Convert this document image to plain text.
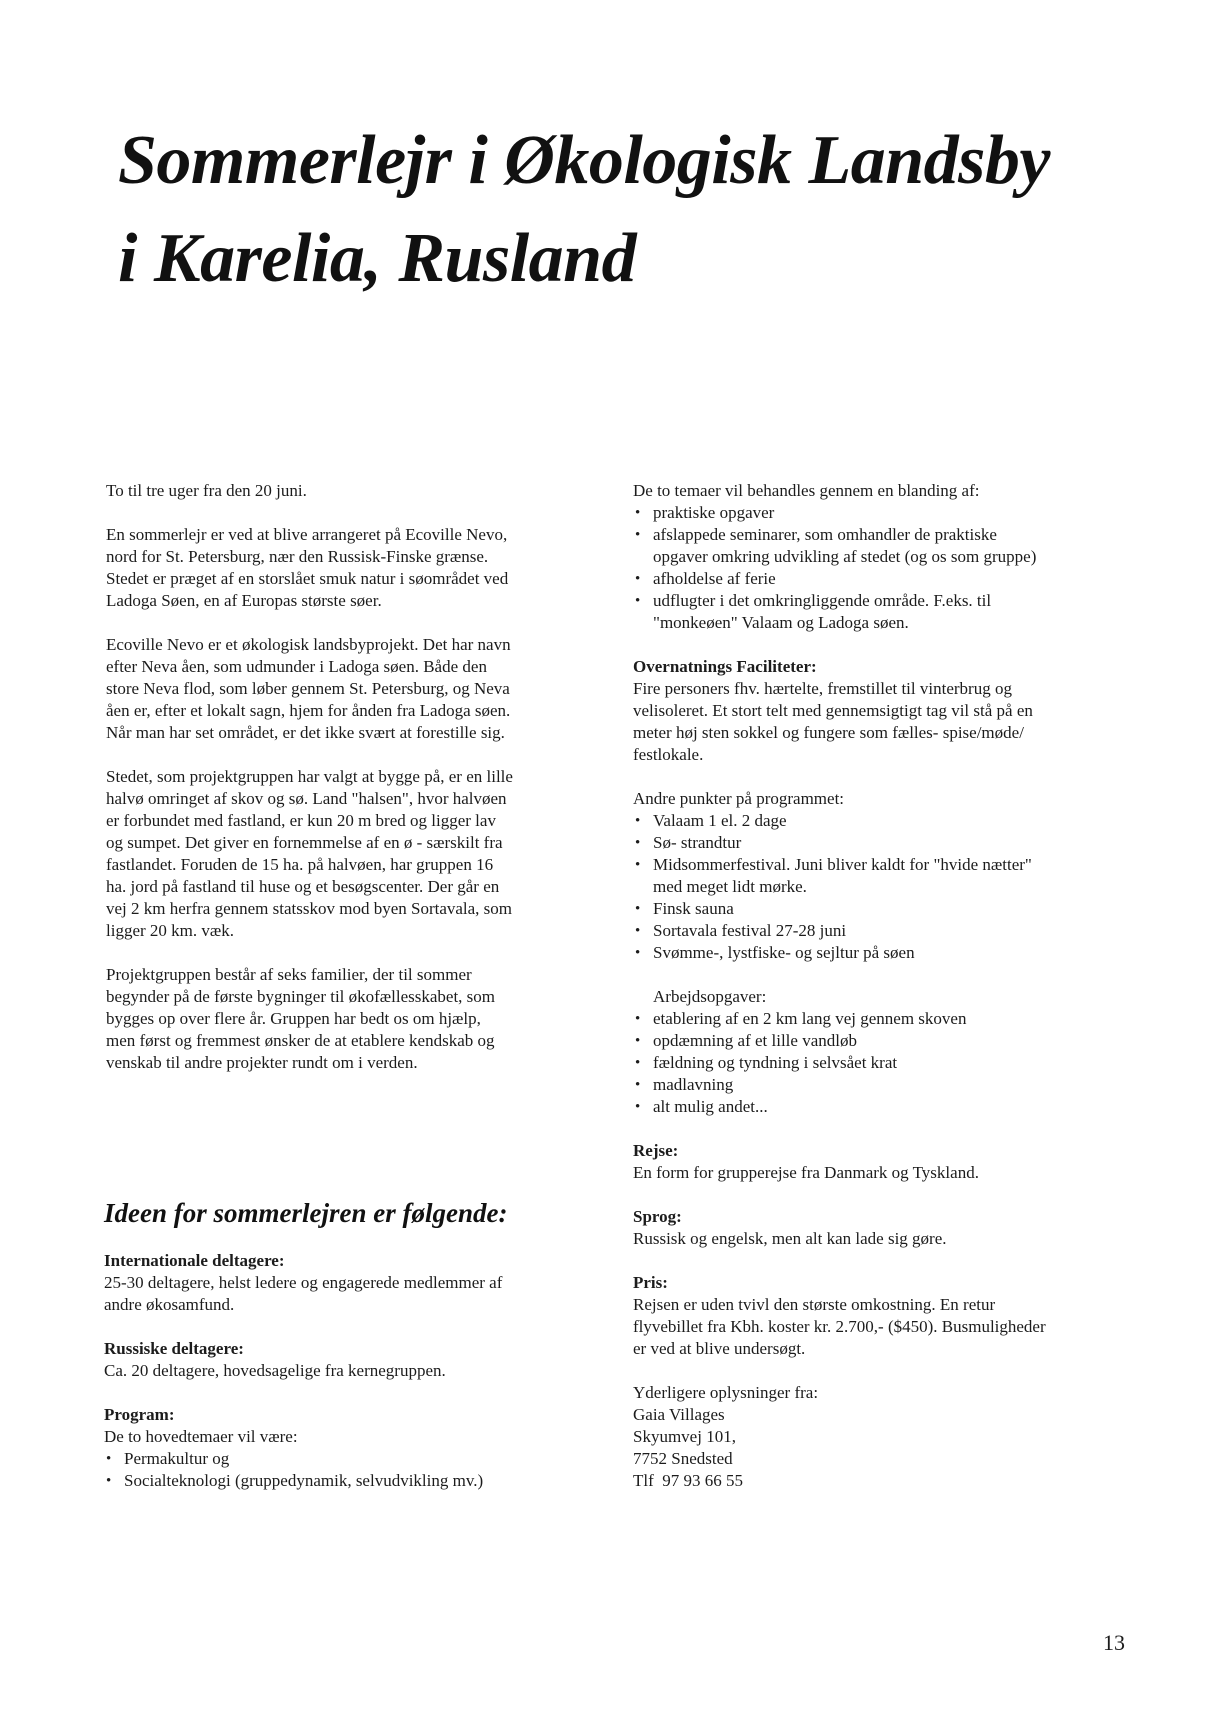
Sommerlejr i Økologisk Landsby
i Karelia, Rusland

To til tre uger fra den 20 juni.

En sommerlejr er ved at blive arrangeret på Ecoville Nevo,
nord for St. Petersburg, nær den Russisk-Finske grænse.
Stedet er præget af en storslået smuk natur i søområdet ved
Ladoga Søen, en af Europas største søer.

Ecoville Nevo er et økologisk landsbyprojekt. Det har navn
efter Neva åen, som udmunder i Ladoga søen. Både den
store Neva flod, som løber gennem St. Petersburg, og Neva
åen er, efter et lokalt sagn, hjem for ånden fra Ladoga søen.
Når man har set området, er det ikke svært at forestille sig.

Stedet, som projektgruppen har valgt at bygge på, er en lille
halvø omringet af skov og sø. Land "halsen", hvor halvøen
er forbundet med fastland, er kun 20 m bred og ligger lav
og sumpet. Det giver en fornemmelse af en ø - særskilt fra
fastlandet. Foruden de 15 ha. på halvøen, har gruppen 16
ha. jord på fastland til huse og et besøgscenter. Der går en
vej 2 km herfra gennem statsskov mod byen Sortavala, som
ligger 20 km. væk.

Projektgruppen består af seks familier, der til sommer
begynder på de første bygninger til økofællesskabet, som
bygges op over flere år. Gruppen har bedt os om hjælp,
men først og fremmest ønsker de at etablere kendskab og
venskab til andre projekter rundt om i verden.

Ideen for sommerlejren er følgende:
Internationale deltagere:
25-30 deltagere, helst ledere og engagerede medlemmer af
andre økosamfund.
Russiske deltagere:
Ca. 20 deltagere, hovedsagelige fra kernegruppen.
Program:
De to hovedtemaer vil være:
• Permakultur og
• Socialteknologi (gruppedynamik, selvudvikling mv.)
De to temaer vil behandles gennem en blanding af:
• praktiske opgaver
• afslappede seminarer, som omhandler de praktiske
opgaver omkring udvikling af stedet (og os som gruppe)
• afholdelse af ferie
• udflugter i det omkringliggende område. F.eks. til
"monkeøen" Valaam og Ladoga søen.
Overnatnings Faciliteter:
Fire personers fhv. hærtelte, fremstillet til vinterbrug og
velisoleret. Et stort telt med gennemsigtigt tag vil stå på en
meter høj sten sokkel og fungere som fælles- spise/møde/
festlokale.
Andre punkter på programmet:
• Valaam 1 el. 2 dage
• Sø- strandtur
• Midsommerfestival. Juni bliver kaldt for "hvide nætter"
med meget lidt mørke.
• Finsk sauna
• Sortavala festival 27-28 juni
• Svømme-, lystfiske- og sejltur på søen
Arbejdsopgaver:
• etablering af en 2 km lang vej gennem skoven
• opdæmning af et lille vandløb
• fældning og tyndning i selvsået krat
• madlavning
• alt mulig andet...
Rejse:
En form for grupperejse fra Danmark og Tyskland.
Sprog:
Russisk og engelsk, men alt kan lade sig gøre.
Pris:
Rejsen er uden tvivl den største omkostning. En retur
flyvebillet fra Kbh. koster kr. 2.700,- ($450). Busmuligheder
er ved at blive undersøgt.
Yderligere oplysninger fra:
Gaia Villages
Skyumvej 101,
7752 Snedsted
Tlf  97 93 66 55
13
